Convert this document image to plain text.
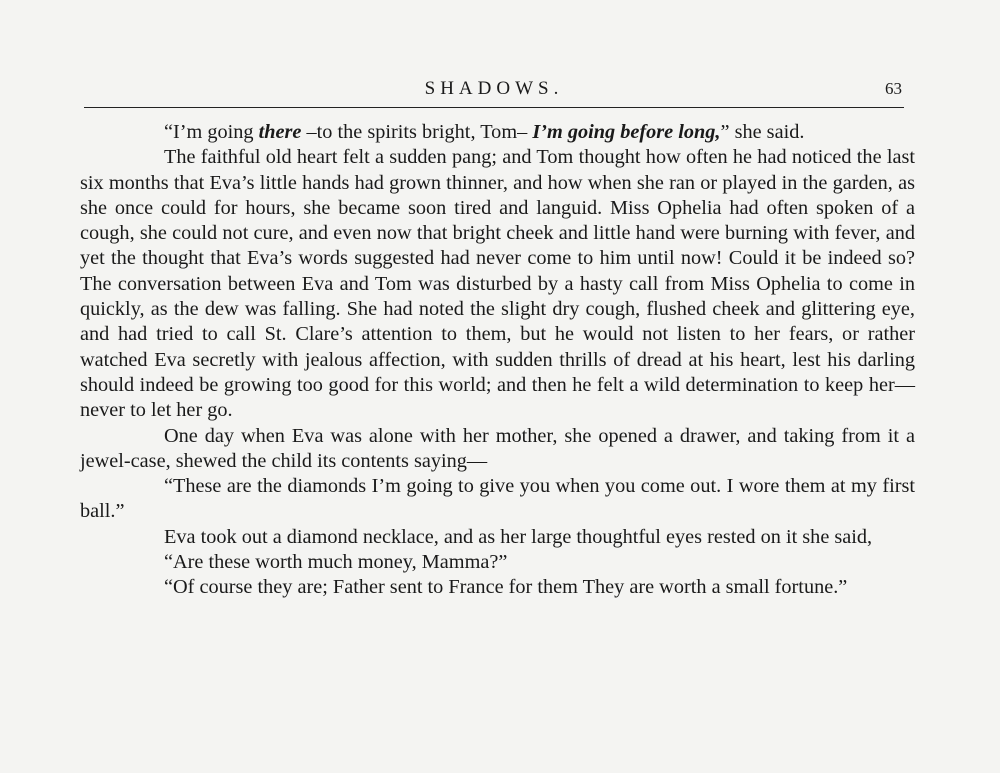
SHADOWS.	63

“I’m going there –to the spirits bright, Tom– I’m going before long,” she said.

The faithful old heart felt a sudden pang; and Tom thought how often he had noticed the last six months that Eva’s little hands had grown thinner, and how when she ran or played in the garden, as she once could for hours, she became soon tired and languid. Miss Ophelia had often spoken of a cough, she could not cure, and even now that bright cheek and little hand were burning with fever, and yet the thought that Eva’s words suggested had never come to him until now! Could it be indeed so? The conversation between Eva and Tom was disturbed by a hasty call from Miss Ophelia to come in quickly, as the dew was falling. She had noted the slight dry cough, flushed cheek and glittering eye, and had tried to call St. Clare’s attention to them, but he would not listen to her fears, or rather watched Eva secretly with jealous affection, with sudden thrills of dread at his heart, lest his darling should indeed be growing too good for this world; and then he felt a wild determination to keep her—never to let her go.

One day when Eva was alone with her mother, she opened a drawer, and taking from it a jewel-case, shewed the child its contents saying—

“These are the diamonds I’m going to give you when you come out. I wore them at my first ball.”

Eva took out a diamond necklace, and as her large thoughtful eyes rested on it she said,

“Are these worth much money, Mamma?”

“Of course they are; Father sent to France for them They are worth a small fortune.”
